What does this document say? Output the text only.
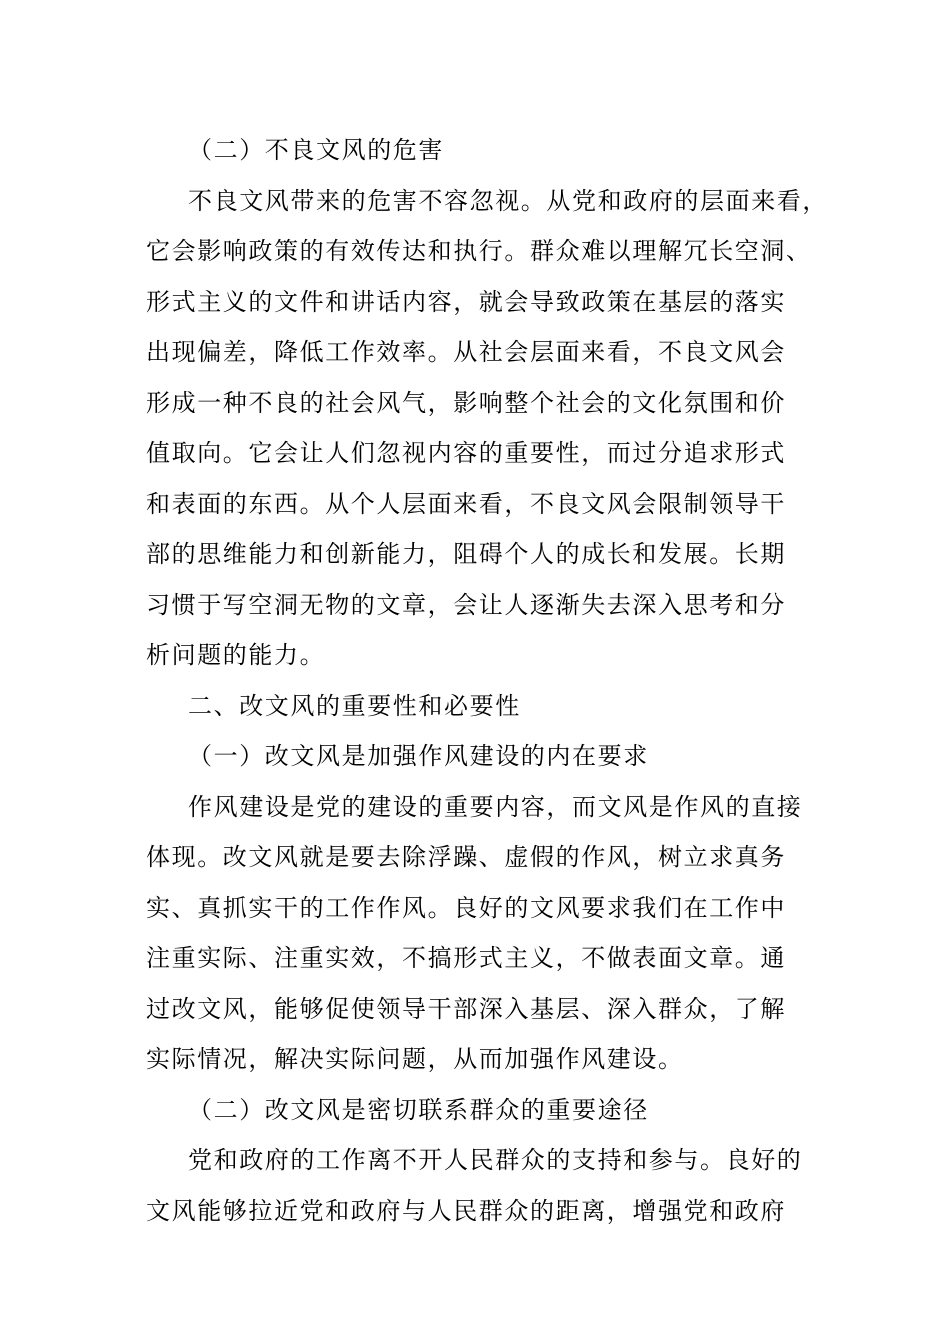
（二）不良文风的危害
不良文风带来的危害不容忽视。从党和政府的层面来看，
它会影响政策的有效传达和执行。群众难以理解冗长空洞、
形式主义的文件和讲话内容，就会导致政策在基层的落实
出现偏差，降低工作效率。从社会层面来看，不良文风会
形成一种不良的社会风气，影响整个社会的文化氛围和价
值取向。它会让人们忽视内容的重要性，而过分追求形式
和表面的东西。从个人层面来看，不良文风会限制领导干
部的思维能力和创新能力，阻碍个人的成长和发展。长期
习惯于写空洞无物的文章，会让人逐渐失去深入思考和分
析问题的能力。
二、改文风的重要性和必要性
（一）改文风是加强作风建设的内在要求
作风建设是党的建设的重要内容，而文风是作风的直接
体现。改文风就是要去除浮躁、虚假的作风，树立求真务
实、真抓实干的工作作风。良好的文风要求我们在工作中
注重实际、注重实效，不搞形式主义，不做表面文章。通
过改文风，能够促使领导干部深入基层、深入群众，了解
实际情况，解决实际问题，从而加强作风建设。
（二）改文风是密切联系群众的重要途径
党和政府的工作离不开人民群众的支持和参与。良好的
文风能够拉近党和政府与人民群众的距离，增强党和政府
